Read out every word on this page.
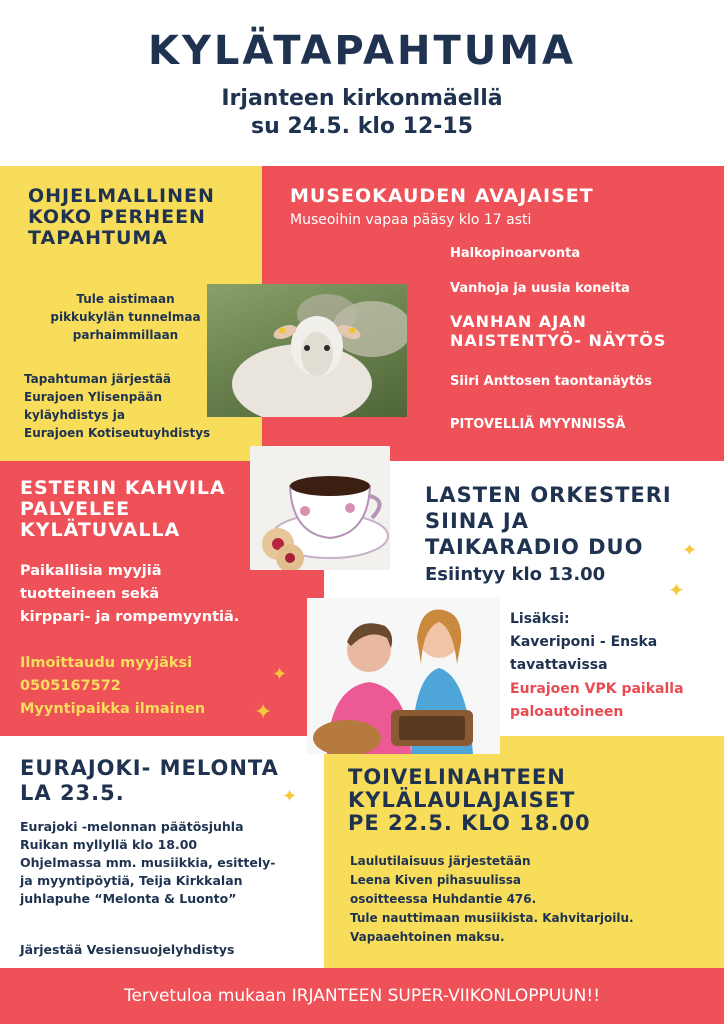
KYLÄTAPAHTUMA
Irjanteen kirkonmäellä
su 24.5. klo 12-15
OHJELMALLINEN
KOKO PERHEEN
TAPAHTUMA
Tule aistimaan
pikkukylän tunnelmaa
parhaimmillaan
Tapahtuman järjestää
Eurajoen Ylisenpään
kyläyhdistys ja
Eurajoen Kotiseutuyhdistys
MUSEOKAUDEN AVAJAISET
Museoihin vapaa pääsy klo 17 asti
Halkopinoarvonta
Vanhoja ja uusia koneita
VANHAN AJAN
NAISTENTYÖ- NÄYTÖS
Siiri Anttosen taontanäytös
PITOVELLIÄ MYYNNISSÄ
ESTERIN KAHVILA
PALVELEE
KYLÄTUVALLA
Paikallisia myyjiä
tuotteineen sekä
kirppari- ja rompemyyntiä.
Ilmoittaudu myyjäksi
0505167572
Myyntipaikka ilmainen
✦
✦
LASTEN ORKESTERI
SIINA JA
TAIKARADIO DUO
Esiintyy klo 13.00
✦
✦
Lisäksi:
Kaveriponi - Enska
tavattavissa
Eurajoen VPK paikalla
paloautoineen
EURAJOKI- MELONTA
LA 23.5.	✦
Eurajoki -melonnan päätösjuhla
Ruikan myllyllä klo 18.00
Ohjelmassa mm. musiikkia, esittely-
ja myyntipöytiä, Teija Kirkkalan
juhlapuhe “Melonta & Luonto”
Järjestää Vesiensuojelyhdistys
TOIVELINAHTEEN
KYLÄLAULAJAISET
PE 22.5. KLO 18.00
Laulutilaisuus järjestetään
Leena Kiven pihasuulissa
osoitteessa Huhdantie 476.
Tule nauttimaan musiikista. Kahvitarjoilu.
Vapaaehtoinen maksu.
Tervetuloa mukaan IRJANTEEN SUPER-VIIKONLOPPUUN!!
